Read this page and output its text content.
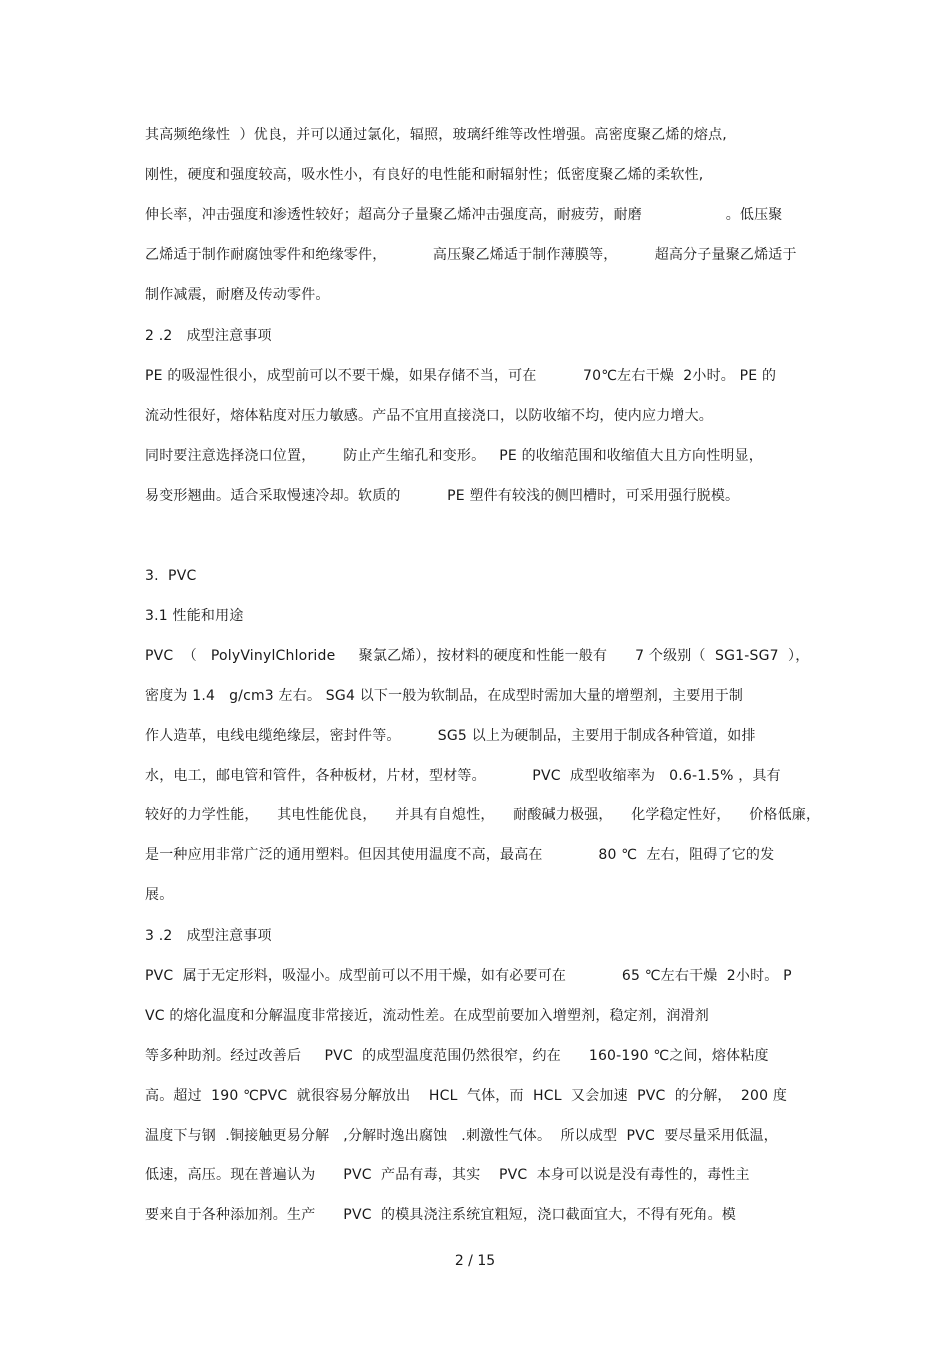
其高频绝缘性  ）优良，并可以通过氯化，辐照，玻璃纤维等改性增强。高密度聚乙烯的熔点,
刚性，硬度和强度较高，吸水性小，有良好的电性能和耐辐射性；低密度聚乙烯的柔软性,
伸长率，冲击强度和渗透性较好；超高分子量聚乙烯冲击强度高，耐疲劳，耐磨                  。低压聚
乙烯适于制作耐腐蚀零件和绝缘零件，          高压聚乙烯适于制作薄膜等，        超高分子量聚乙烯适于
制作减震，耐磨及传动零件。
2 .2   成型注意事项
PE 的吸湿性很小，成型前可以不要干燥，如果存储不当，可在          70℃左右干燥  2小时。 PE 的
流动性很好，熔体粘度对压力敏感。产品不宜用直接浇口，以防收缩不均，使内应力增大。
同时要注意选择浇口位置，      防止产生缩孔和变形。   PE 的收缩范围和收缩值大且方向性明显，
易变形翘曲。适合采取慢速冷却。软质的          PE 塑件有较浅的侧凹槽时，可采用强行脱模。
3.  PVC
3.1 性能和用途
PVC  （   PolyVinylChloride     聚氯乙烯），按材料的硬度和性能一般有      7 个级别（  SG1-SG7  ），
密度为 1.4   g/cm3 左右。 SG4 以下一般为软制品，在成型时需加大量的增塑剂，主要用于制
作人造革，电线电缆绝缘层，密封件等。        SG5 以上为硬制品，主要用于制成各种管道，如排
水，电工，邮电管和管件，各种板材，片材，型材等。          PVC  成型收缩率为   0.6-1.5% ，具有
较好的力学性能，    其电性能优良，    并具有自熄性，    耐酸碱力极强，    化学稳定性好，    价格低廉，
是一种应用非常广泛的通用塑料。但因其使用温度不高，最高在            80 ℃  左右，阻碍了它的发
展。
3 .2   成型注意事项
PVC  属于无定形料，吸湿小。成型前可以不用干燥，如有必要可在            65 ℃左右干燥  2小时。 P
VC 的熔化温度和分解温度非常接近，流动性差。在成型前要加入增塑剂，稳定剂，润滑剂
等多种助剂。经过改善后     PVC  的成型温度范围仍然很窄，约在      160-190 ℃之间，熔体粘度
高。超过  190 ℃PVC  就很容易分解放出    HCL  气体，而  HCL  又会加速  PVC  的分解，  200 度
温度下与钢  .铜接触更易分解   ,分解时逸出腐蚀   .刺激性气体。  所以成型  PVC  要尽量采用低温，
低速，高压。现在普遍认为      PVC  产品有毒，其实    PVC  本身可以说是没有毒性的，毒性主
要来自于各种添加剂。生产      PVC  的模具浇注系统宜粗短，浇口截面宜大，不得有死角。模
2 / 15
